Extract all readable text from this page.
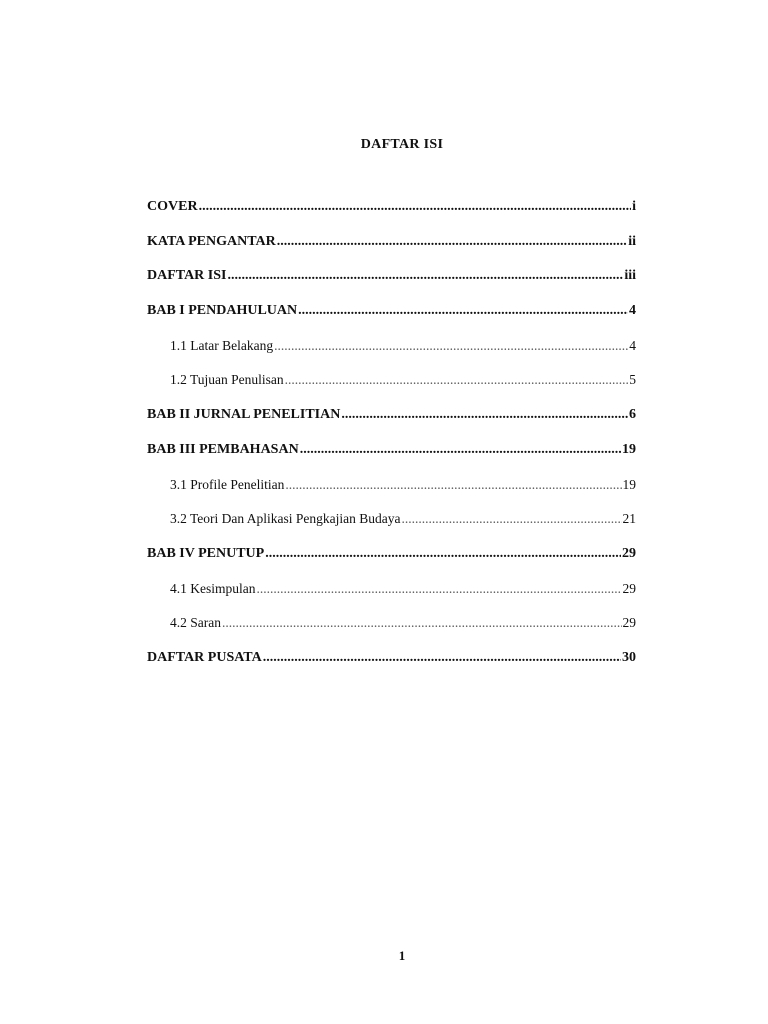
DAFTAR ISI
COVER .....	i
KATA PENGANTAR .....	ii
DAFTAR ISI .....	iii
BAB I PENDAHULUAN .....	4
1.1 Latar Belakang .....	4
1.2 Tujuan Penulisan .....	5
BAB II JURNAL PENELITIAN .....	6
BAB III PEMBAHASAN .....	19
3.1 Profile Penelitian .....	19
3.2 Teori Dan Aplikasi Pengkajian Budaya .....	21
BAB IV PENUTUP .....	29
4.1 Kesimpulan .....	29
4.2 Saran .....	29
DAFTAR PUSATA .....	30
1
